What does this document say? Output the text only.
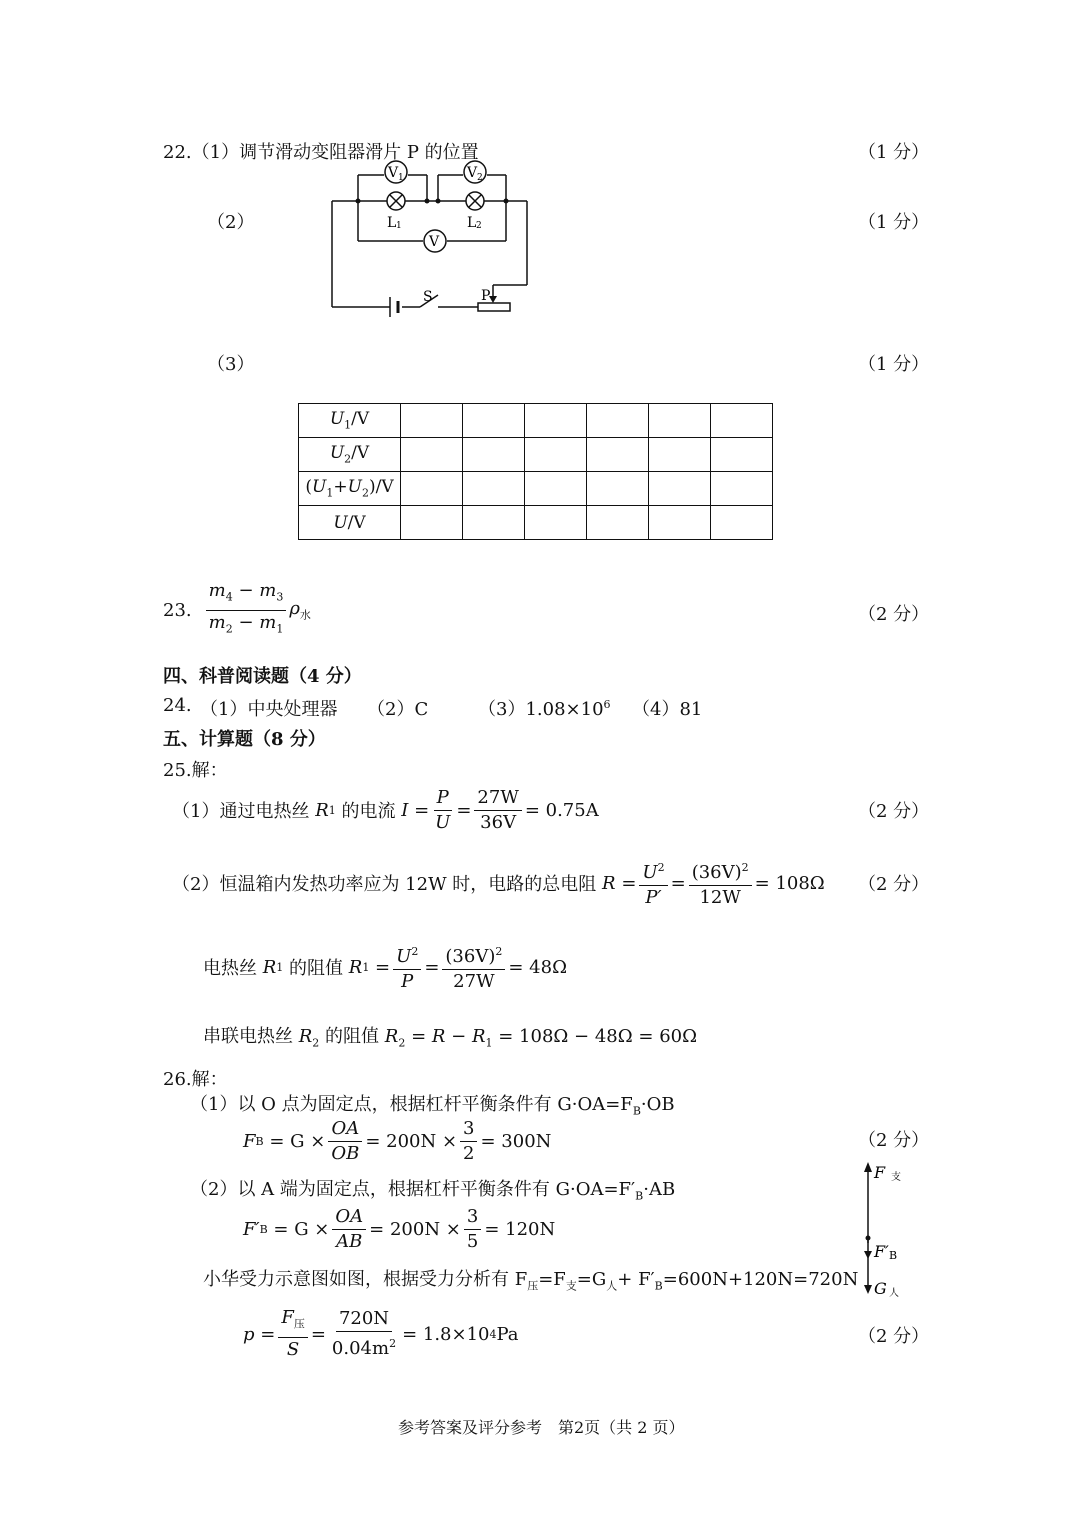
22.（1）调节滑动变阻器滑片 P 的位置	（1 分）
（2）	（1 分）
V 1	V 2
V
L 1	L 2
S	P
（3）	（1 分）
$U_1/V$						
$U_2/V$						
$(U_1+U_2)/V$						
U/V						
23. $\frac{m_4 - m_3}{m_2 - m_1} \rho_水$	（2 分）
四、科普阅读题（4 分）
24. （1）中央处理器 （2）C	$(3)1.08\times 10^6$ （4）81
五、计算题（8 分）
25.解：
（1）通过电热丝
R 1
的电流
$I = \frac{P}{U} = \frac{27W}{36V} = 0.75A$	（2 分）
（2）恒温箱内发热功率应为 12W 时，电路的总电阻
$R = \frac{U^2}{P'} = \frac{(36V)^2}{12W} = 108\Omega$ （2 分）
电热丝
R 1
的阻值
R $1 = \frac{U^2}{P} = \frac{(36V)^2}{27W} = 48\Omega$
串联电热丝 $R_2$ 的阻值 $R_2 = R - R_1 = 108\Omega - 48\Omega = 60\Omega$
26.解：
（1）以 O 点为固定点，根据杠杆平衡条件有 $G\cdot OA=F_B\cdot OB$
F B
= $G \times \frac{OA}{OB} = 200N \times \frac{3}{2} = 300N$	（2 分）
（2）以 A 端为固定点，根据杠杆平衡条件有 $G\cdot OA=F'_B\cdot AB$
F′ B
= $G \times \frac{OA}{AB} = 200N \times \frac{3}{5} = 120N$
小华受力示意图如图，根据受力分析有 $F_压=F_支=G_人+ F'_B=600N+120N=720N$
F 支
F′ B
G 人
$p = \frac{F_压}{S} = \frac{720N}{0.04m^2} = 1.8\times 10$ 4 Pa	（2 分）
参考答案及评分参考　第2页（共 2 页）
